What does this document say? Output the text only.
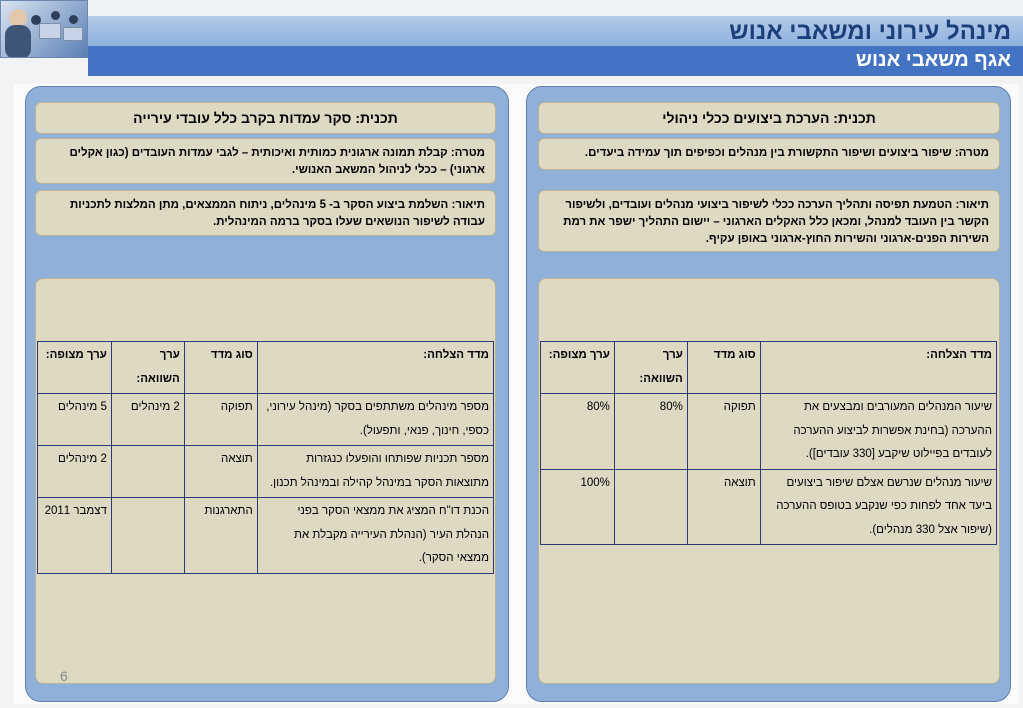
מינהל עירוני ומשאבי אנוש
אגף משאבי אנוש
תכנית: סקר עמדות בקרב כלל עובדי עירייה
מטרה: קבלת תמונה ארגונית כמותית ואיכותית – לגבי עמדות העובדים (כגון אקלים ארגוני) – ככלי לניהול המשאב האנושי.
תיאור: השלמת ביצוע הסקר ב- 5 מינהלים, ניתוח הממצאים, מתן המלצות לתכניות עבודה לשיפור הנושאים שעלו בסקר ברמה המינהלית.
מדד הצלחה:	סוג מדד	ערך השוואה:	ערך מצופה:
מספר מינהלים משתתפים בסקר (מינהל עירוני, כספי, חינוך, פנאי, ותפעול).	תפוקה	2 מינהלים	5 מינהלים
מספר תכניות שפותחו והופעלו כנגזרות מתוצאות הסקר במינהל קהילה ובמינהל תכנון.	תוצאה		2 מינהלים
הכנת דו"ח המציג את ממצאי הסקר בפני הנהלת העיר (הנהלת העירייה מקבלת את ממצאי הסקר).	התארגנות		דצמבר 2011
6
תכנית: הערכת ביצועים ככלי ניהולי
מטרה: שיפור ביצועים ושיפור התקשורת בין מנהלים וכפיפים תוך עמידה ביעדים.
תיאור: הטמעת תפיסה ותהליך הערכה ככלי לשיפור ביצועי מנהלים ועובדים, ולשיפור הקשר בין העובד למנהל, ומכאן כלל האקלים הארגוני – יישום התהליך ישפר את רמת השירות הפנים-ארגוני והשירות החוץ-ארגוני באופן עקיף.
מדד הצלחה:	סוג מדד	ערך השוואה:	ערך מצופה:
שיעור המנהלים המעורבים ומבצעים את ההערכה (בחינת אפשרות לביצוע ההערכה לעובדים בפיילוט שיקבע [330 עובדים]).	תפוקה	80%	80%
שיעור מנהלים שנרשם אצלם שיפור ביצועים ביעד אחד לפחות כפי שנקבע בטופס ההערכה (שיפור אצל 330 מנהלים).	תוצאה		100%
